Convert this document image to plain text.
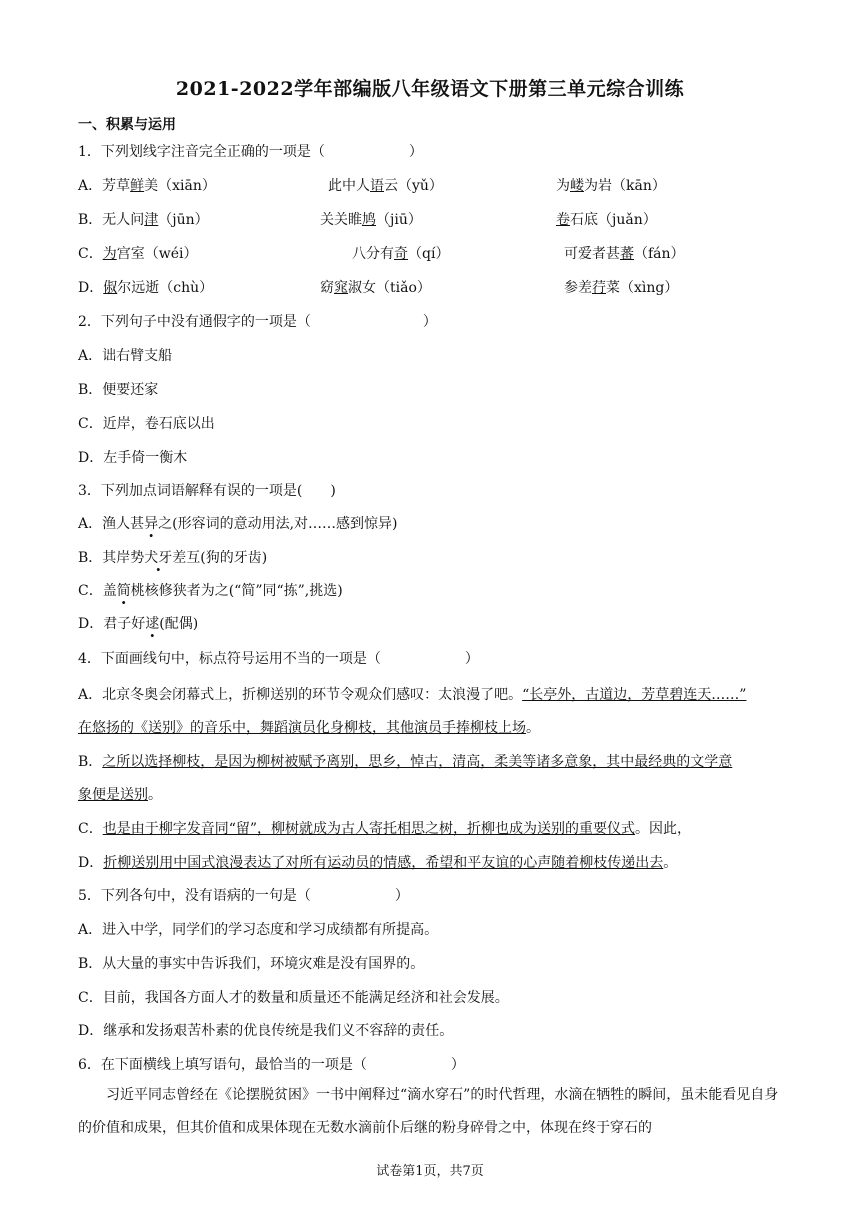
2021-2022学年部编版八年级语文下册第三单元综合训练
一、积累与运用
1．下列划线字注音完全正确的一项是（　　　　　　）
A．芳草鲜美（xiān）	此中人语云（yǔ）	为嵝为岩（kān）
B．无人问津（jūn）	关关睢鸠（jiū）	卷石底（juǎn）
C．为宫室（wéi）	八分有奇（qí）	可爱者甚蕃（fán）
D．俶尔远逝（chù）	窈窕淑女（tiǎo）	参差荇菜（xìng）
2．下列句子中没有通假字的一项是（　　　　　　　　）
A．诎右臂支船
B．便要还家
C．近岸，卷石底以出
D．左手倚一衡木
3．下列加点词语解释有误的一项是(　　)
A．渔人甚异之(形容词的意动用法,对……感到惊异)
B．其岸势犬牙差互(狗的牙齿)
C．盖简桃核修狭者为之(“简”同“拣”,挑选)
D．君子好逑(配偶)
4．下面画线句中，标点符号运用不当的一项是（　　　　　　）
A．北京冬奥会闭幕式上，折柳送别的环节令观众们感叹：太浪漫了吧。“长亭外，古道边，芳草碧连天……”
在悠扬的《送别》的音乐中，舞蹈演员化身柳枝，其他演员手捧柳枝上场。
B．之所以选择柳枝，是因为柳树被赋予离别，思乡，悼古，清高，柔美等诸多意象，其中最经典的文学意
象便是送别。
C．也是由于柳字发音同“留”，柳树就成为古人寄托相思之树，折柳也成为送别的重要仪式。因此，
D．折柳送别用中国式浪漫表达了对所有运动员的情感，希望和平友谊的心声随着柳枝传递出去。
5．下列各句中，没有语病的一句是（　　　　　　）
A．进入中学，同学们的学习态度和学习成绩都有所提高。
B．从大量的事实中告诉我们，环境灾难是没有国界的。
C．目前，我国各方面人才的数量和质量还不能满足经济和社会发展。
D．继承和发扬艰苦朴素的优良传统是我们义不容辞的责任。
6．在下面横线上填写语句，最恰当的一项是（　　　　　　）
习近平同志曾经在《论摆脱贫困》一书中阐释过“滴水穿石”的时代哲理，水滴在牺牲的瞬间，虽未能看见自身的价值和成果，但其价值和成果体现在无数水滴前仆后继的粉身碎骨之中，体现在终于穿石的
试卷第1页，共7页
